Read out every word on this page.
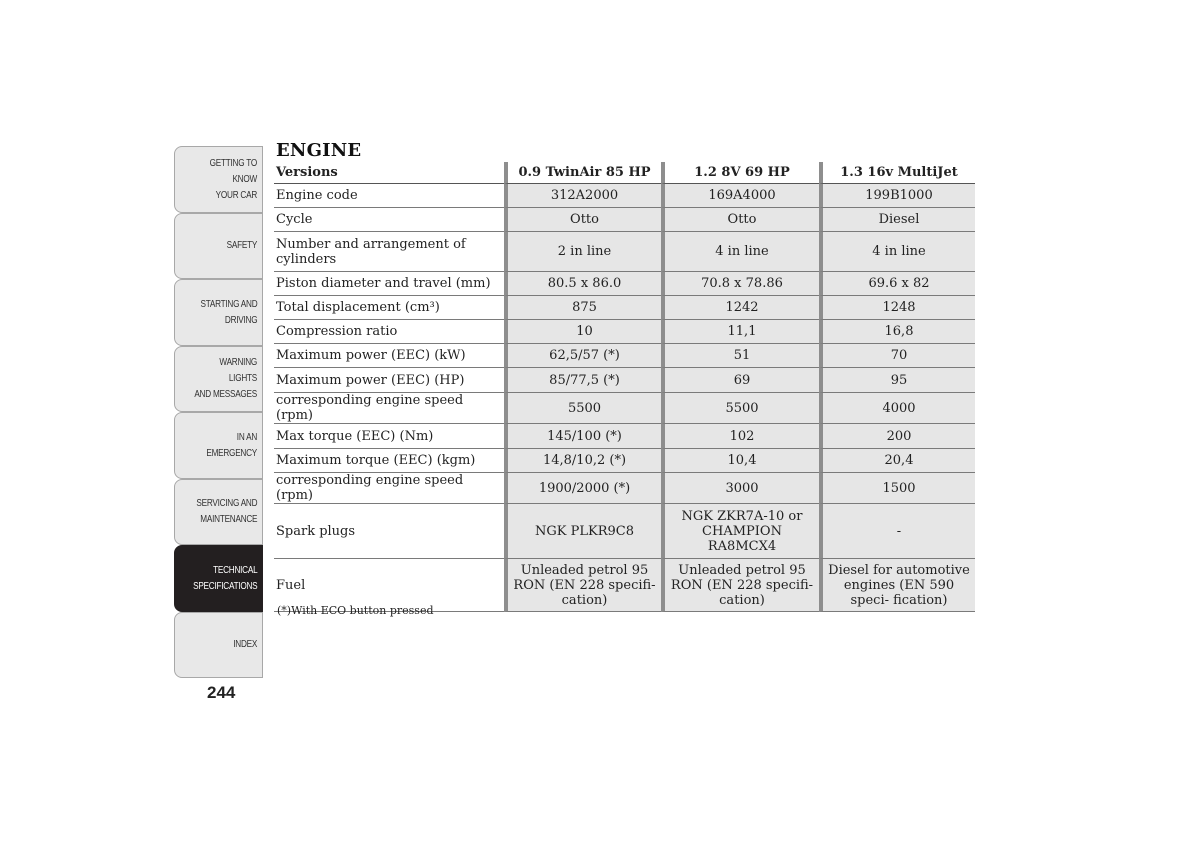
GETTING TO KNOW
YOUR CAR
SAFETY
STARTING AND
DRIVING
WARNING LIGHTS
AND MESSAGES
IN AN EMERGENCY
SERVICING AND
MAINTENANCE
TECHNICAL
SPECIFICATIONS
INDEX
244
ENGINE
Versions	0.9 TwinAir 85 HP	1.2 8V 69 HP	1.3 16v MultiJet
Engine code	312A2000	169A4000	199B1000
Cycle	Otto	Otto	Diesel
Number and arrangement of cylinders	2 in line	4 in line	4 in line
Piston diameter and travel (mm)	80.5 x 86.0	70.8 x 78.86	69.6 x 82
Total displacement (cm³)	875	1242	1248
Compression ratio	10	11,1	16,8
Maximum power (EEC) (kW)	62,5/57 (*)	51	70
Maximum power (EEC) (HP)	85/77,5 (*)	69	95
corresponding engine speed (rpm)	5500	5500	4000
Max torque (EEC) (Nm)	145/100 (*)	102	200
Maximum torque (EEC) (kgm)	14,8/10,2 (*)	10,4	20,4
corresponding engine speed (rpm)	1900/2000 (*)	3000	1500
Spark plugs	NGK PLKR9C8	NGK ZKR7A-10 or CHAMPION RA8MCX4	-
Fuel	Unleaded petrol 95 RON (EN 228 specifi- cation)	Unleaded petrol 95 RON (EN 228 specifi- cation)	Diesel for automotive engines (EN 590 speci- fication)
(*)With ECO button pressed
